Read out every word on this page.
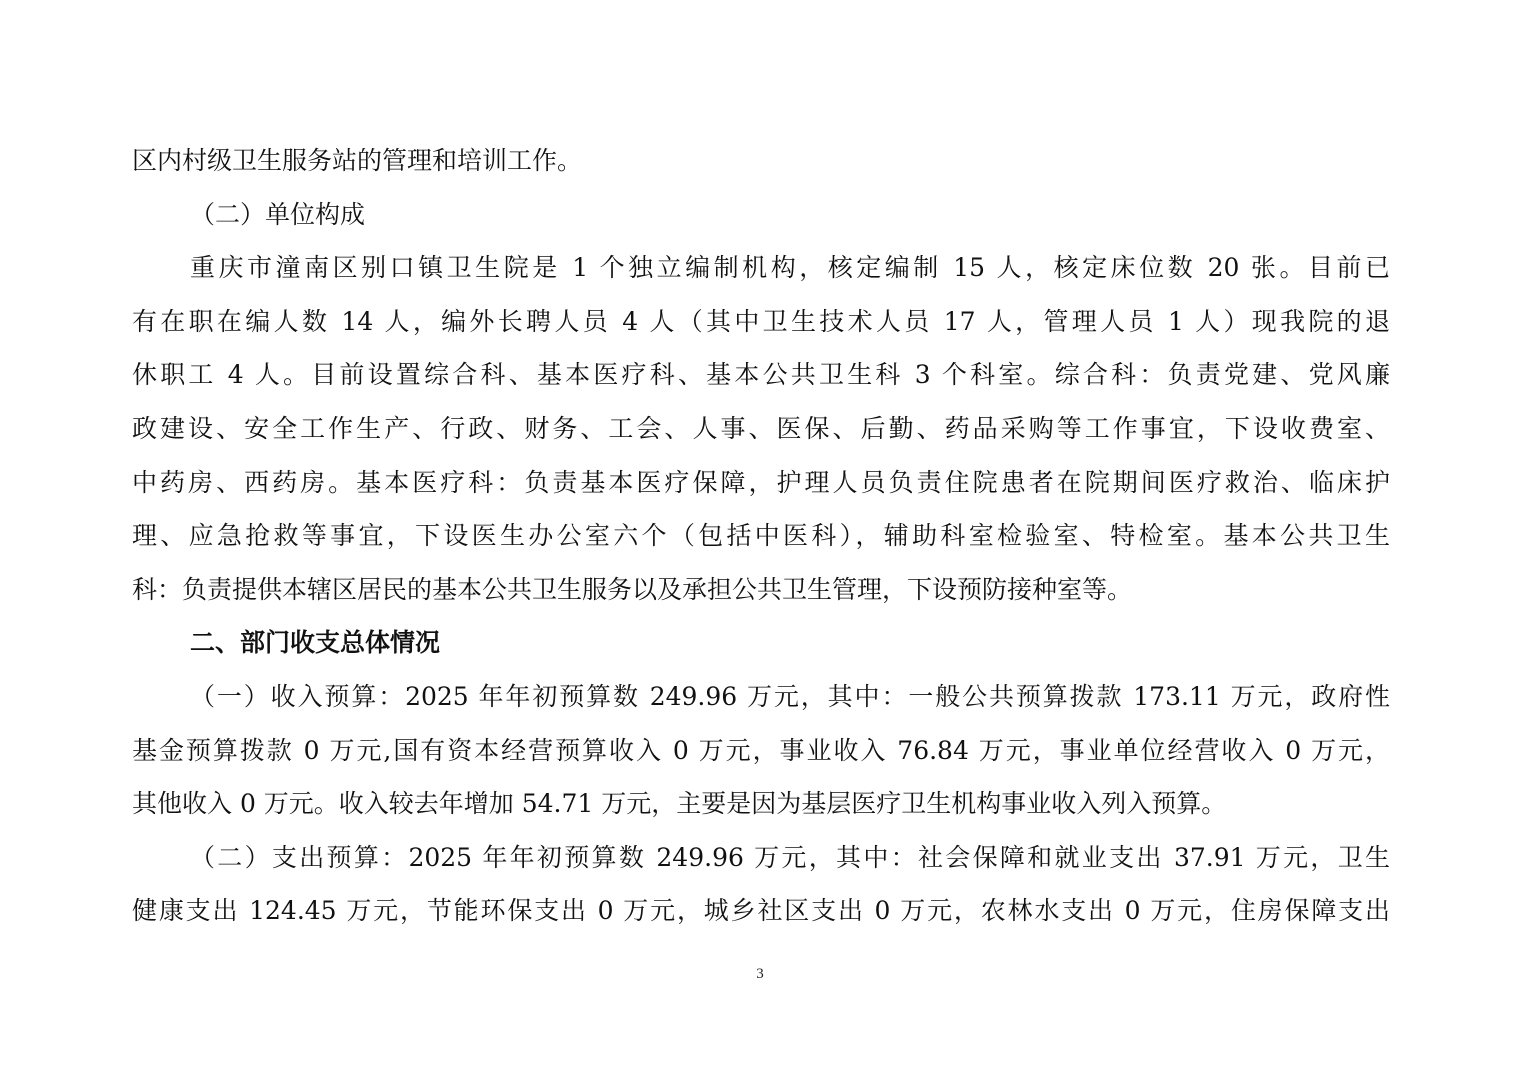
区内村级卫生服务站的管理和培训工作。
（二）单位构成
重庆市潼南区别口镇卫生院是 1 个独立编制机构，核定编制 15 人，核定床位数 20 张。目前已
有在职在编人数 14 人，编外长聘人员 4 人（其中卫生技术人员 17 人，管理人员 1 人）现我院的退
休职工 4 人。目前设置综合科、基本医疗科、基本公共卫生科 3 个科室。综合科：负责党建、党风廉
政建设、安全工作生产、行政、财务、工会、人事、医保、后勤、药品采购等工作事宜，下设收费室、
中药房、西药房。基本医疗科：负责基本医疗保障，护理人员负责住院患者在院期间医疗救治、临床护
理、应急抢救等事宜，下设医生办公室六个（包括中医科），辅助科室检验室、特检室。基本公共卫生
科：负责提供本辖区居民的基本公共卫生服务以及承担公共卫生管理，下设预防接种室等。
二、部门收支总体情况
（一）收入预算：2025 年年初预算数 249.96 万元，其中：一般公共预算拨款 173.11 万元，政府性
基金预算拨款 0 万元,国有资本经营预算收入 0 万元，事业收入 76.84 万元，事业单位经营收入 0 万元，
其他收入 0 万元。收入较去年增加 54.71 万元，主要是因为基层医疗卫生机构事业收入列入预算。
（二）支出预算：2025 年年初预算数 249.96 万元，其中：社会保障和就业支出 37.91 万元，卫生
健康支出 124.45 万元，节能环保支出 0 万元，城乡社区支出 0 万元，农林水支出 0 万元，住房保障支出
3
